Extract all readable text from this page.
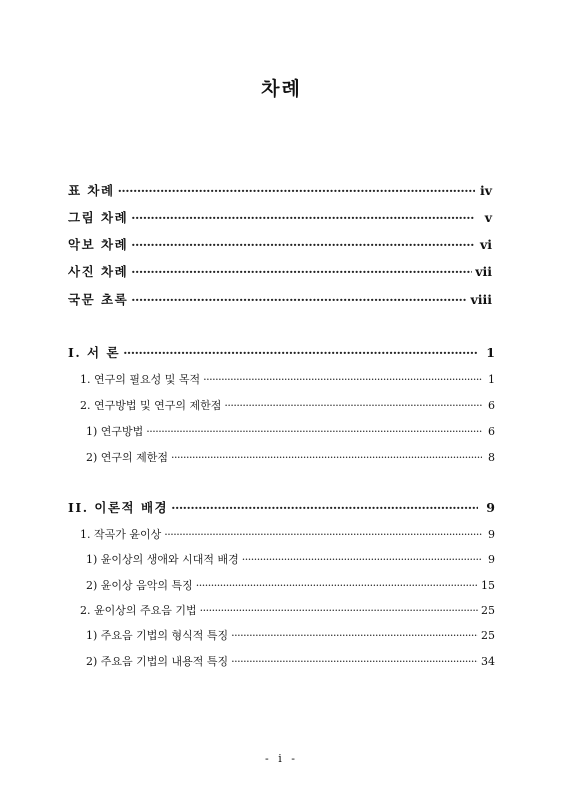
차례
표 차례 ·····	ⅳ
그림 차례 ·····	ⅴ
악보 차례 ·····	ⅵ
사진 차례 ·····	ⅶ
국문 초록 ·····	ⅷ
I. 서 론 ·····	1
1. 연구의 필요성 및 목적 ·····	1
2. 연구방법 및 연구의 제한점 ·····	6
1) 연구방법 ·····	6
2) 연구의 제한점 ·····	8
II. 이론적 배경 ·····	9
1. 작곡가 윤이상 ·····	9
1) 윤이상의 생애와 시대적 배경 ·····	9
2) 윤이상 음악의 특징 ·····	15
2. 윤이상의 주요음 기법 ·····	25
1) 주요음 기법의 형식적 특징 ·····	25
2) 주요음 기법의 내용적 특징 ·····	34
- i -
